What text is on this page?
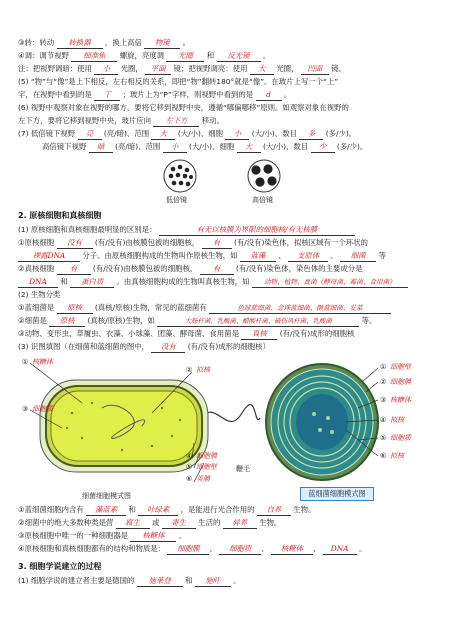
③转：转动 转换器 ，换上高倍 物镜 。
④调：调节视野 细准焦 螺旋，亮度调 光圈 和 反光镜 。
注：把视野调暗：使用 小 光圈， 平面 镜；把视野调亮：使用 大 光圈， 凹面 镜。
(5) “物”与“像”是上下相反，左右相反的关系，即把“物”翻转180°就是“像”。在玻片上写一个“上”
字，在视野中看到的是 丅 ；玻片上为“P”字样，则视野中看到的是 d 。
(6) 视野中观察对象在视野的哪方，要将它移到视野中央，遵循“哪偏哪移”原则。如观察对象在视野的
左下方，要将它移到视野中央，玻片应向 左下方 移动。
(7) 低倍镜下视野 亮 (亮/暗)、范围 大 (大/小)、细胞 小 (大/小)、数目 多 (多/少)。
高倍镜下视野 暗 (亮/暗)、范围 小 (大/小)、细胞 大 (大/小)、数目 少 (多/少)。
低倍镜	高倍镜
2. 原核细胞和真核细胞
(1) 原核细胞和真核细胞最明显的区别是：	有无以核膜为界限的细胞核/有无核膜
①原核细胞 没有 (有/没有)由核膜包被的细胞核， 有 (有/没有)染色体，拟核区域有一个环状的
裸露DNA 分子。由原核细胞构成的生物叫作原核生物，如 蓝藻 、 支原体 、 细菌 等
②真核细胞 有 (有/没有)由核膜包被的细胞核， 有 (有/没有)染色体，染色体的主要成分是
DNA 和 蛋白质 。由真核细胞构成的生物叫真核生物，如 动物、植物、真菌（酵母菌、霉菌、食用菌）
(2) 生物分类
①蓝细菌是 原核 (真核/原核)生物，常见的蓝细菌有	色球蓝细菌、念珠蓝细菌、颤蓝细菌、发菜
②细菌是 原核 (真核/原核)生物，如	大肠杆菌、乳酸菌、醋酸杆菌、破伤风杆菌、乳酸菌	等。
③动物、变形虫、草履虫、衣藻、小球藻、团藻、酵母菌、食用菌是 真核 (有/没有)成形的细胞核
(3) 识图填图（在细菌和蓝细菌的图中， 没有 (有/没有)成形的细胞核）
① 核糖体
② 拟核
③ 细胞质
④ 细胞膜
⑤ 细胞壁
⑥ 荚膜
鞭毛
细菌细胞模式图
① 细胞壁
② 细胞膜
③ 核糖体
④ 拟核
⑤ 细胞质
⑥ 拟核
蓝细菌细胞模式图
①蓝细菌细胞内含有 藻蓝素 和 叶绿素 ，是能进行光合作用的 自养 生物。
②细菌中的绝大多数种类是营 腐生 或 寄生 生活的 异养 生物。
③原核细胞中唯一的一种细胞器是 核糖体 。
④原核细胞和真核细胞都有的结构和物质是： 细胞膜 、 细胞质 、 核糖体 、 DNA 。
3. 细胞学说建立的过程
(1) 细胞学说的建立者主要是德国的 施莱登 和 施旺 。
